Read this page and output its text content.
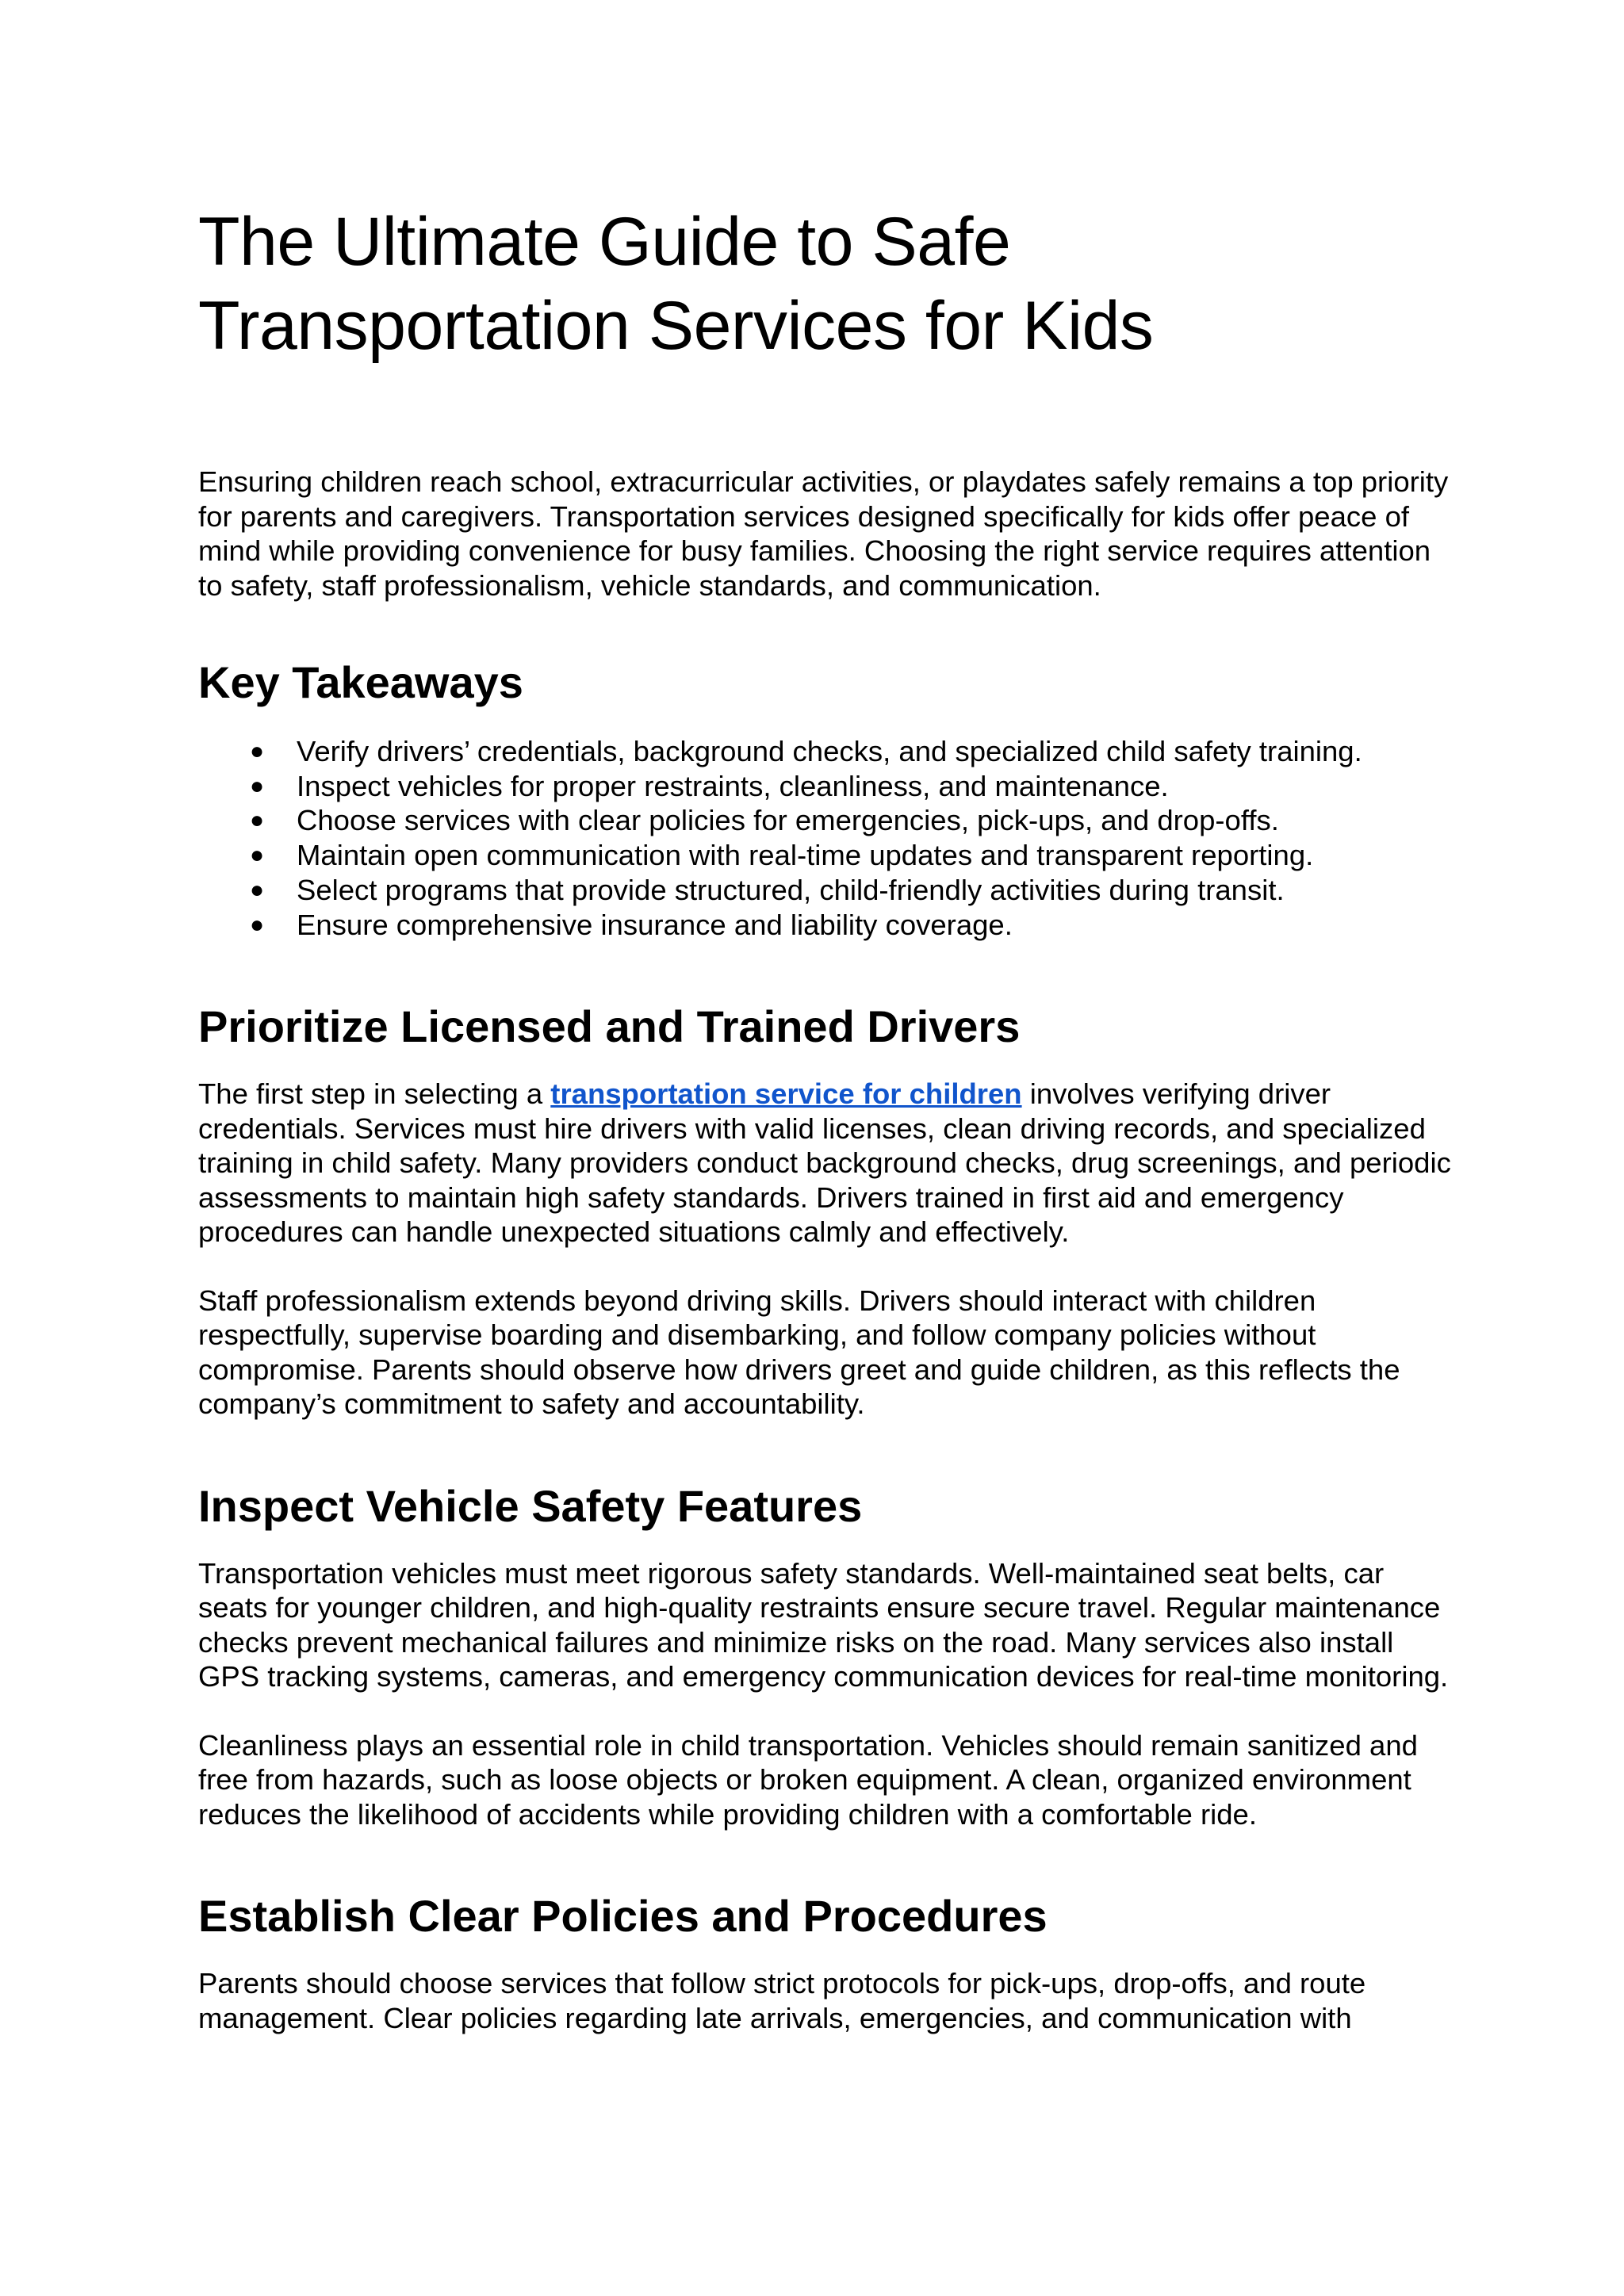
The Ultimate Guide to Safe
Transportation Services for Kids

Ensuring children reach school, extracurricular activities, or playdates safely remains a top priority for parents and caregivers. Transportation services designed specifically for kids offer peace of mind while providing convenience for busy families. Choosing the right service requires attention to safety, staff professionalism, vehicle standards, and communication.

Key Takeaways
● Verify drivers’ credentials, background checks, and specialized child safety training.
● Inspect vehicles for proper restraints, cleanliness, and maintenance.
● Choose services with clear policies for emergencies, pick-ups, and drop-offs.
● Maintain open communication with real-time updates and transparent reporting.
● Select programs that provide structured, child-friendly activities during transit.
● Ensure comprehensive insurance and liability coverage.
Prioritize Licensed and Trained Drivers

The first step in selecting a transportation service for children involves verifying driver credentials. Services must hire drivers with valid licenses, clean driving records, and specialized training in child safety. Many providers conduct background checks, drug screenings, and periodic assessments to maintain high safety standards. Drivers trained in first aid and emergency procedures can handle unexpected situations calmly and effectively.

Staff professionalism extends beyond driving skills. Drivers should interact with children respectfully, supervise boarding and disembarking, and follow company policies without compromise. Parents should observe how drivers greet and guide children, as this reflects the company’s commitment to safety and accountability.

Inspect Vehicle Safety Features

Transportation vehicles must meet rigorous safety standards. Well-maintained seat belts, car seats for younger children, and high-quality restraints ensure secure travel. Regular maintenance checks prevent mechanical failures and minimize risks on the road. Many services also install GPS tracking systems, cameras, and emergency communication devices for real-time monitoring.

Cleanliness plays an essential role in child transportation. Vehicles should remain sanitized and free from hazards, such as loose objects or broken equipment. A clean, organized environment reduces the likelihood of accidents while providing children with a comfortable ride.

Establish Clear Policies and Procedures

Parents should choose services that follow strict protocols for pick-ups, drop-offs, and route management. Clear policies regarding late arrivals, emergencies, and communication with
